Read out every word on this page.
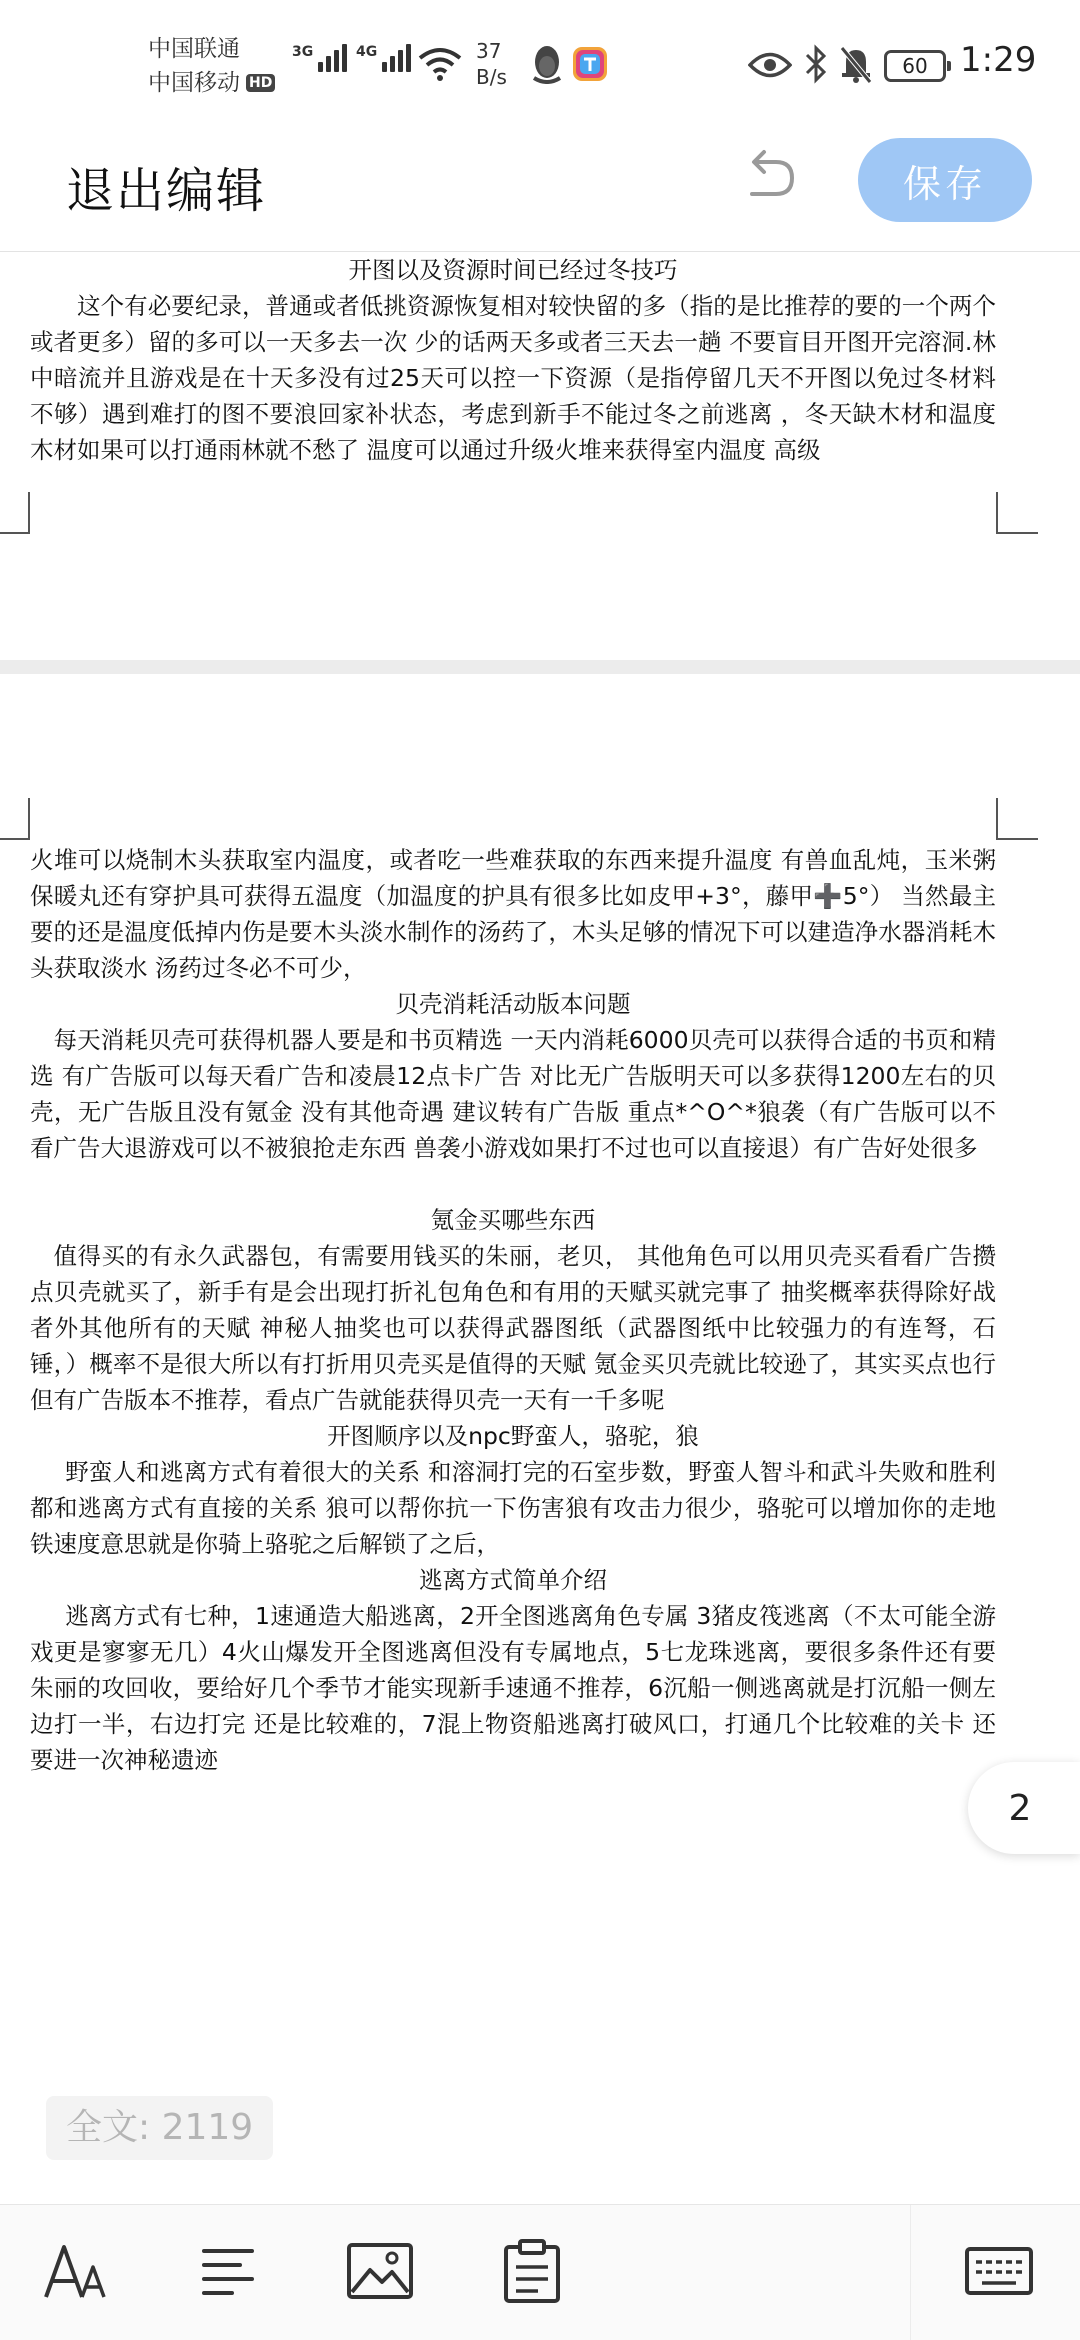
中国联通
中国移动 HD
3G	4G	37
B/s	60 1:29
退出编辑	保存
开图以及资源时间已经过冬技巧
这个有必要纪录，普通或者低挑资源恢复相对较快留的多（指的是比推荐的要的一个两个或者更多）留的多可以一天多去一次 少的话两天多或者三天去一趟 不要盲目开图开完溶洞.林中暗流并且游戏是在十天多没有过25天可以控一下资源（是指停留几天不开图以免过冬材料不够）遇到难打的图不要浪回家补状态，考虑到新手不能过冬之前逃离 ，冬天缺木材和温度木材如果可以打通雨林就不愁了 温度可以通过升级火堆来获得室内温度 高级
火堆可以烧制木头获取室内温度，或者吃一些难获取的东西来提升温度 有兽血乱炖，玉米粥 保暖丸还有穿护具可获得五温度（加温度的护具有很多比如皮甲+3°，藤甲➕5°） 当然最主要的还是温度低掉内伤是要木头淡水制作的汤药了，木头足够的情况下可以建造净水器消耗木头获取淡水 汤药过冬必不可少，
贝壳消耗活动版本问题
每天消耗贝壳可获得机器人要是和书页精选 一天内消耗6000贝壳可以获得合适的书页和精选 有广告版可以每天看广告和凌晨12点卡广告 对比无广告版明天可以多获得1200左右的贝壳，无广告版且没有氪金 没有其他奇遇 建议转有广告版 重点*^O^*狼袭（有广告版可以不看广告大退游戏可以不被狼抢走东西 兽袭小游戏如果打不过也可以直接退）有广告好处很多
氪金买哪些东西
值得买的有永久武器包，有需要用钱买的朱丽，老贝， 其他角色可以用贝壳买看看广告攒点贝壳就买了，新手有是会出现打折礼包角色和有用的天赋买就完事了 抽奖概率获得除好战者外其他所有的天赋 神秘人抽奖也可以获得武器图纸（武器图纸中比较强力的有连弩，石锤，）概率不是很大所以有打折用贝壳买是值得的天赋 氪金买贝壳就比较逊了，其实买点也行但有广告版本不推荐，看点广告就能获得贝壳一天有一千多呢
开图顺序以及npc野蛮人，骆驼，狼
野蛮人和逃离方式有着很大的关系 和溶洞打完的石室步数，野蛮人智斗和武斗失败和胜利都和逃离方式有直接的关系 狼可以帮你抗一下伤害狼有攻击力很少，骆驼可以增加你的走地铁速度意思就是你骑上骆驼之后解锁了之后，
逃离方式简单介绍
逃离方式有七种，1速通造大船逃离，2开全图逃离角色专属 3猪皮筏逃离（不太可能全游戏更是寥寥无几）4火山爆发开全图逃离但没有专属地点，5七龙珠逃离，要很多条件还有要朱丽的攻回收，要给好几个季节才能实现新手速通不推荐，6沉船一侧逃离就是打沉船一侧左边打一半，右边打完 还是比较难的，7混上物资船逃离打破风口，打通几个比较难的关卡 还要进一次神秘遗迹
2
全文: 2119
